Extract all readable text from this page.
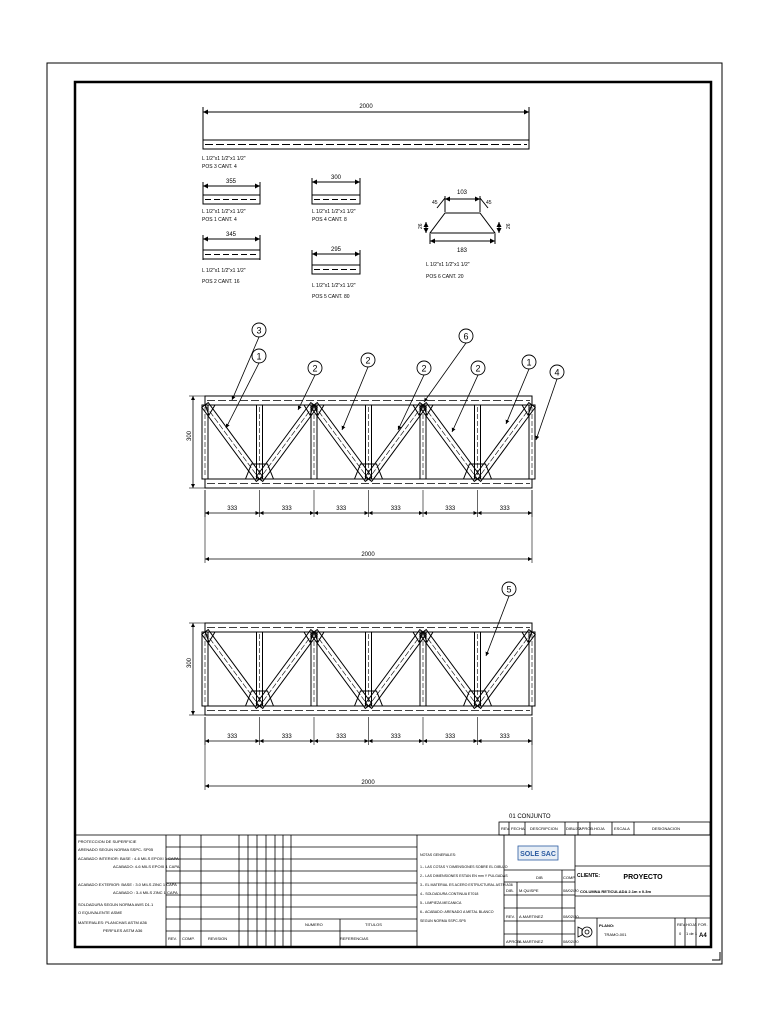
2000
L 1/2"x1 1/2"x1 1/2"
POS 3 CANT. 4
355
L 1/2"x1 1/2"x1 1/2"
POS 1 CANT. 4
345
L 1/2"x1 1/2"x1 1/2"
POS 2 CANT. 16
300
L 1/2"x1 1/2"x1 1/2"
POS 4 CANT. 8
295
L 1/2"x1 1/2"x1 1/2"
POS 5 CANT. 80
103
183
26	26
45	45
L 1/2"x1 1/2"x1 1/2"
POS 6 CANT. 20
3
1
2
2
2
6
2
1
4
300
333	333	333	333	333	333
2000
5
300
333	333	333	333	333	333
2000
01 CONJUNTO
REV. FECHA DESCRIPCION DIBUJO
APROB. HOJA ESCALA	DESIGNACION
PROTECCION DE SUPERFICIE
ARENADO SEGUN NORMA SSPC- SP05
ACABADO INTERIOR: BASE : 4-6 MILS EPOXI 1 CAPA
ACABADO: 4-6 MILS EPOXI 1 CAPA
ACABADO EXTERIOR: BASE : 3.0 MILS ZINC 1 CAPA
ACABADO : 3-4 MILS ZINC 1 CAPA
SOLDADURA SEGUN NORMA AWS D1.1
O EQUIVALENTE ASME
MATERIALES: PLANCHAS ASTM A36
PERFILES ASTM A36
NOTAS GENERALES:
1.- LAS COTAS Y DIMENSIONES SOBRE EL DIBUJO
2.- LAS DIMENSIONES ESTAN EN mm Y PULGADAS
3.- EL MATERIAL ES ACERO ESTRUCTURAL ASTM A36
4.- SOLDADURA CONTINUA E7018
5.- LIMPIEZA MECANICA
6.- ACABADO: ARENADO A METAL BLANCO
SEGUN NORMA SSPC-SP5
REV. COMP.	REVISION
NUMERO	TITULOS
REFERENCIAS
SOLE SAC
DIB	COMP.
DIB. M.QUISPE	08/02/20
REV. A.MARTINEZ	08/02/20
APROB.
A.MARTINEZ	08/02/20
CLIENTE:	PROYECTO
COLUMNA RETICULADA 2.1m x 0.3m
PLANO:
TRAMO-001
REV.
0
HOJA
1 de 1
FOR.
A4
